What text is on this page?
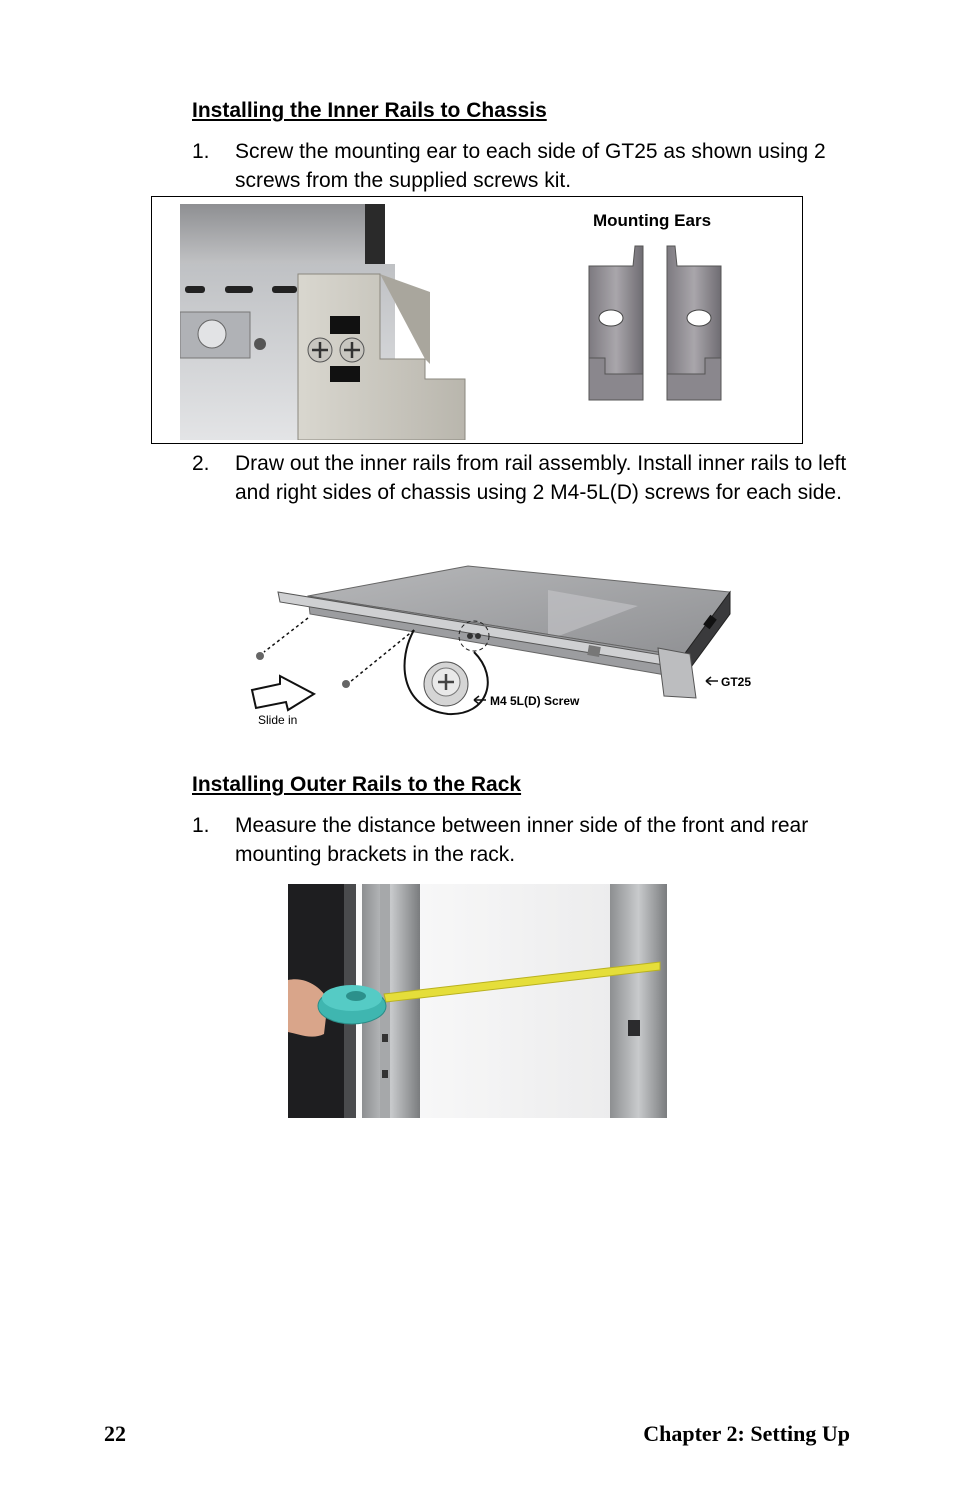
Installing the Inner Rails to Chassis
1.	Screw the mounting ear to each side of GT25 as shown using 2 screws from the supplied screws kit.
Mounting Ears
2.	Draw out the inner rails from rail assembly. Install inner rails to left and right sides of chassis using 2 M4-5L(D) screws for each side.
Slide in
M4 5L(D) Screw
GT25
Installing Outer Rails to the Rack
1.	Measure the distance between inner side of the front and rear mounting brackets in the rack.
22	Chapter 2: Setting Up
